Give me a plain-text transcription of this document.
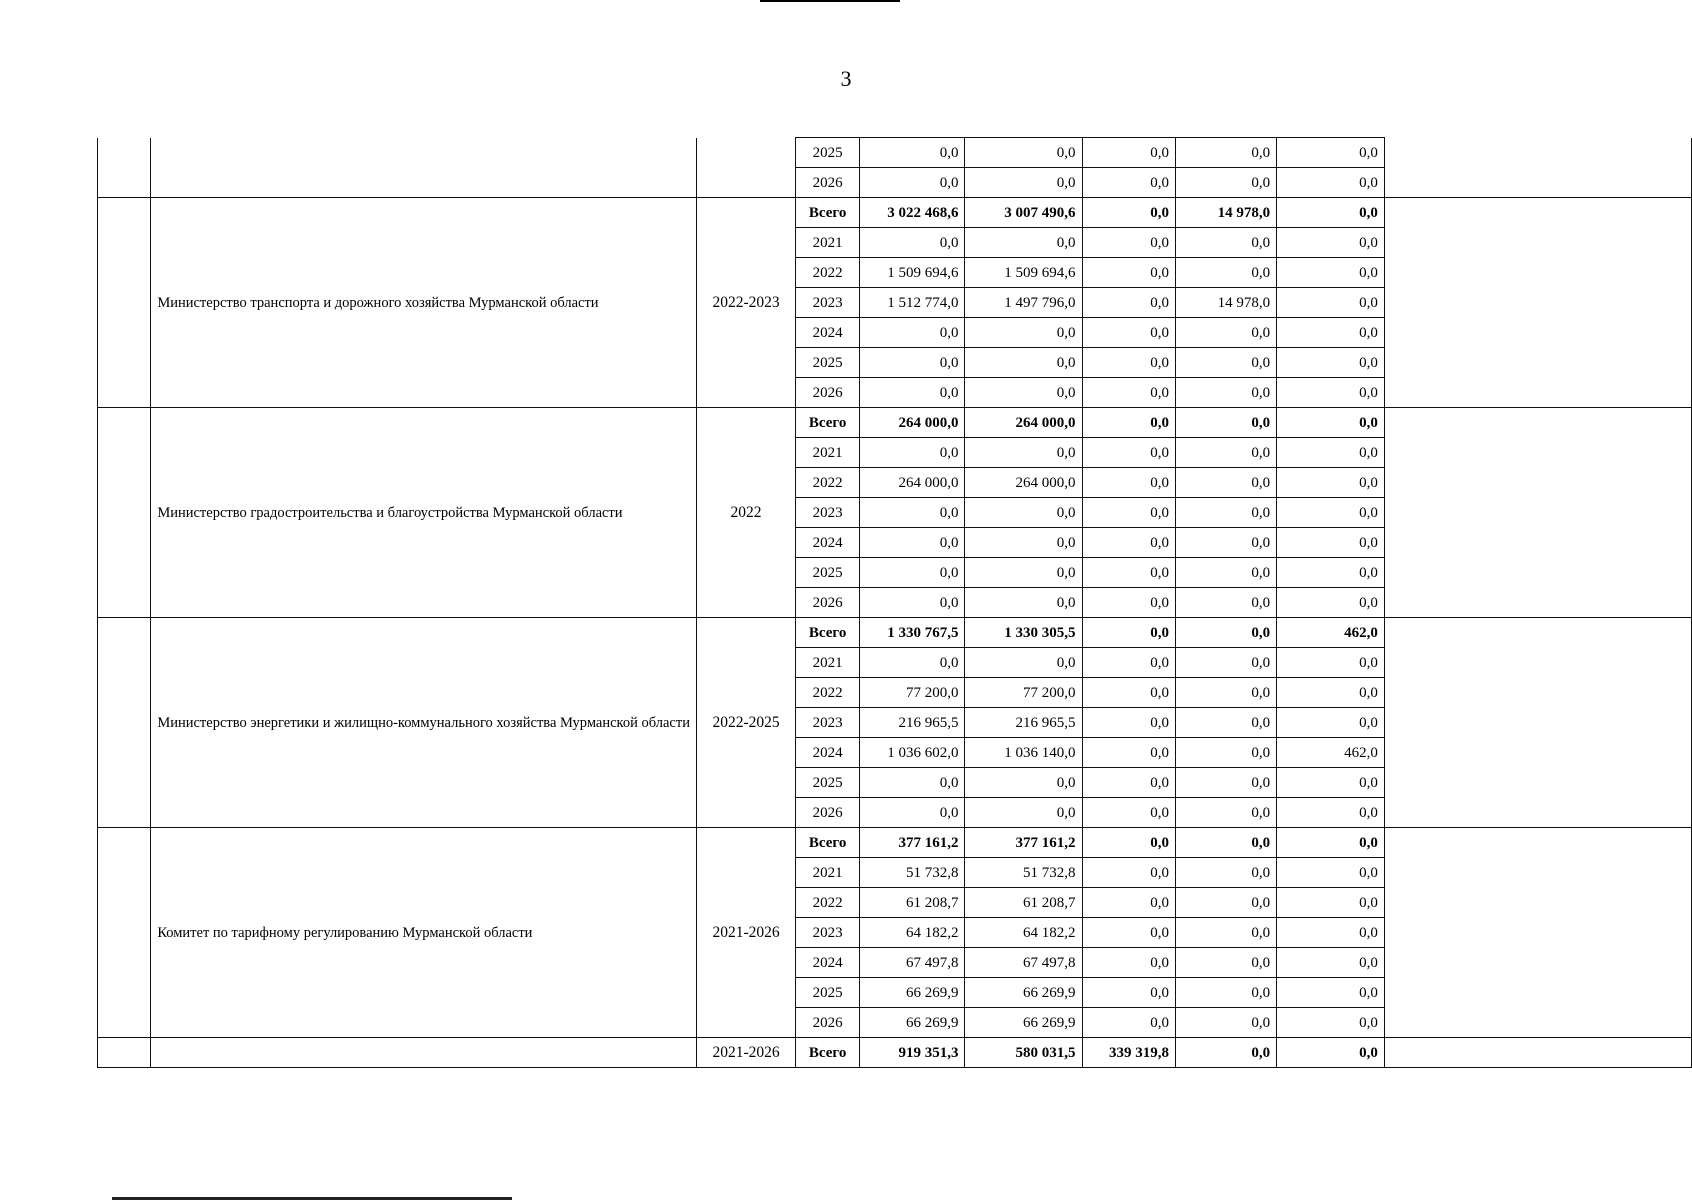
3
			2025	0,0	0,0	0,0	0,0	0,0	
			2026	0,0	0,0	0,0	0,0	0,0	
	Министерство транспорта и дорожного хозяйства Мурманской области	2022-2023	Всего	3 022 468,6	3 007 490,6	0,0	14 978,0	0,0	
			2021	0,0	0,0	0,0	0,0	0,0	
			2022	1 509 694,6	1 509 694,6	0,0	0,0	0,0	
			2023	1 512 774,0	1 497 796,0	0,0	14 978,0	0,0	
			2024	0,0	0,0	0,0	0,0	0,0	
			2025	0,0	0,0	0,0	0,0	0,0	
			2026	0,0	0,0	0,0	0,0	0,0	
	Министерство градостроительства и благоустройства Мурманской области	2022	Всего	264 000,0	264 000,0	0,0	0,0	0,0	
			2021	0,0	0,0	0,0	0,0	0,0	
			2022	264 000,0	264 000,0	0,0	0,0	0,0	
			2023	0,0	0,0	0,0	0,0	0,0	
			2024	0,0	0,0	0,0	0,0	0,0	
			2025	0,0	0,0	0,0	0,0	0,0	
			2026	0,0	0,0	0,0	0,0	0,0	
	Министерство энергетики и жилищно-коммунального хозяйства Мурманской области	2022-2025	Всего	1 330 767,5	1 330 305,5	0,0	0,0	462,0	
			2021	0,0	0,0	0,0	0,0	0,0	
			2022	77 200,0	77 200,0	0,0	0,0	0,0	
			2023	216 965,5	216 965,5	0,0	0,0	0,0	
			2024	1 036 602,0	1 036 140,0	0,0	0,0	462,0	
			2025	0,0	0,0	0,0	0,0	0,0	
			2026	0,0	0,0	0,0	0,0	0,0	
	Комитет по тарифному регулированию Мурманской области	2021-2026	Всего	377 161,2	377 161,2	0,0	0,0	0,0	
			2021	51 732,8	51 732,8	0,0	0,0	0,0	
			2022	61 208,7	61 208,7	0,0	0,0	0,0	
			2023	64 182,2	64 182,2	0,0	0,0	0,0	
			2024	67 497,8	67 497,8	0,0	0,0	0,0	
			2025	66 269,9	66 269,9	0,0	0,0	0,0	
			2026	66 269,9	66 269,9	0,0	0,0	0,0	
		2021-2026	Всего	919 351,3	580 031,5	339 319,8	0,0	0,0	
